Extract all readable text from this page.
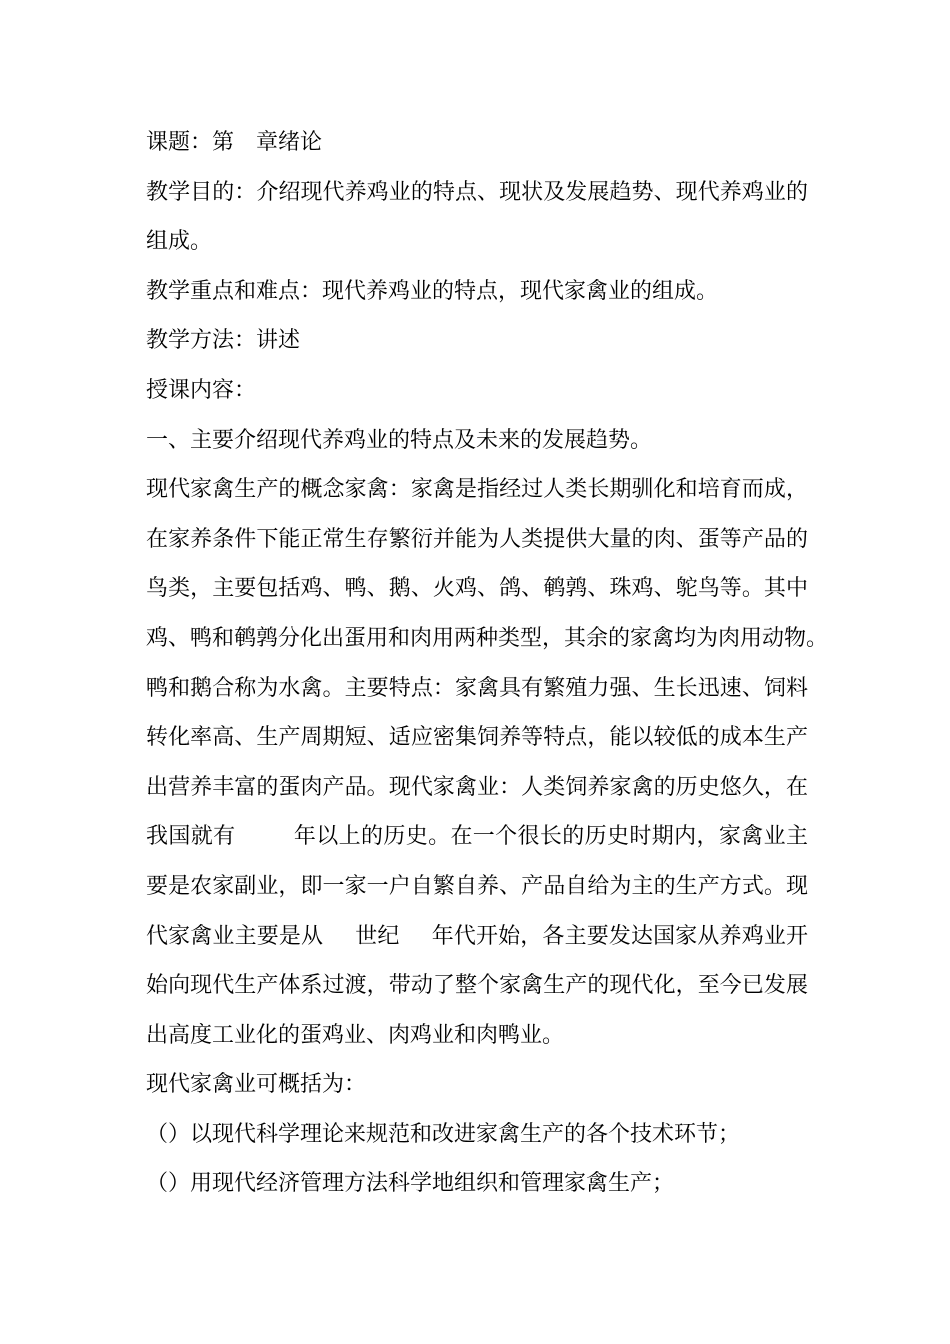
课题：第 章绪论
教学目的：介绍现代养鸡业的特点、现状及发展趋势、现代养鸡业的
组成。
教学重点和难点：现代养鸡业的特点，现代家禽业的组成。
教学方法：讲述
授课内容：
一、主要介绍现代养鸡业的特点及未来的发展趋势。
现代家禽生产的概念家禽：家禽是指经过人类长期驯化和培育而成，
在家养条件下能正常生存繁衍并能为人类提供大量的肉、蛋等产品的
鸟类，主要包括鸡、鸭、鹅、火鸡、鸽、鹌鹑、珠鸡、鸵鸟等。其中
鸡、鸭和鹌鹑分化出蛋用和肉用两种类型，其余的家禽均为肉用动物。
鸭和鹅合称为水禽。主要特点：家禽具有繁殖力强、生长迅速、饲料
转化率高、生产周期短、适应密集饲养等特点，能以较低的成本生产
出营养丰富的蛋肉产品。现代家禽业：人类饲养家禽的历史悠久，在
我国就有	年以上的历史。在一个很长的历史时期内，家禽业主
要是农家副业，即一家一户自繁自养、产品自给为主的生产方式。现
代家禽业主要是从 世纪 年代开始，各主要发达国家从养鸡业开
始向现代生产体系过渡，带动了整个家禽生产的现代化，至今已发展
出高度工业化的蛋鸡业、肉鸡业和肉鸭业。
现代家禽业可概括为：
（）以现代科学理论来规范和改进家禽生产的各个技术环节；
（）用现代经济管理方法科学地组织和管理家禽生产；
